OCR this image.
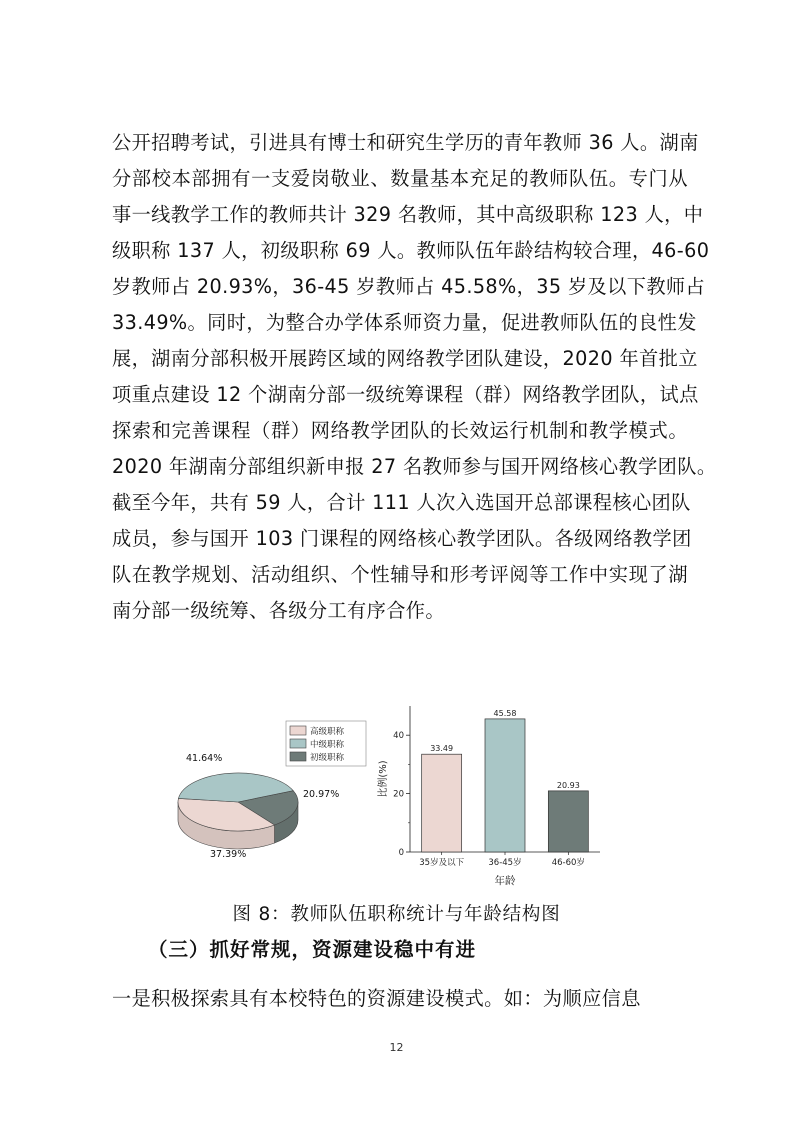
公开招聘考试，引进具有博士和研究生学历的青年教师 36 人。湖南
分部校本部拥有一支爱岗敬业、数量基本充足的教师队伍。专门从
事一线教学工作的教师共计 329 名教师，其中高级职称 123 人，中
级职称 137 人，初级职称 69 人。教师队伍年龄结构较合理，46-60
岁教师占 20.93%，36-45 岁教师占 45.58%，35 岁及以下教师占
33.49%。同时，为整合办学体系师资力量，促进教师队伍的良性发
展，湖南分部积极开展跨区域的网络教学团队建设，2020 年首批立
项重点建设 12 个湖南分部一级统筹课程（群）网络教学团队，试点
探索和完善课程（群）网络教学团队的长效运行机制和教学模式。
2020 年湖南分部组织新申报 27 名教师参与国开网络核心教学团队。
截至今年，共有 59 人，合计 111 人次入选国开总部课程核心团队
成员，参与国开 103 门课程的网络核心教学团队。各级网络教学团
队在教学规划、活动组织、个性辅导和形考评阅等工作中实现了湖
南分部一级统筹、各级分工有序合作。
37.39%
41.64%
20.97%
高级职称
中级职称
初级职称
0
20
40
比例(%)
33.49
35岁及以下
45.58
36-45岁
20.93
46-60岁
年龄
图 8：教师队伍职称统计与年龄结构图
（三）抓好常规，资源建设稳中有进
一是积极探索具有本校特色的资源建设模式。如：为顺应信息
12
